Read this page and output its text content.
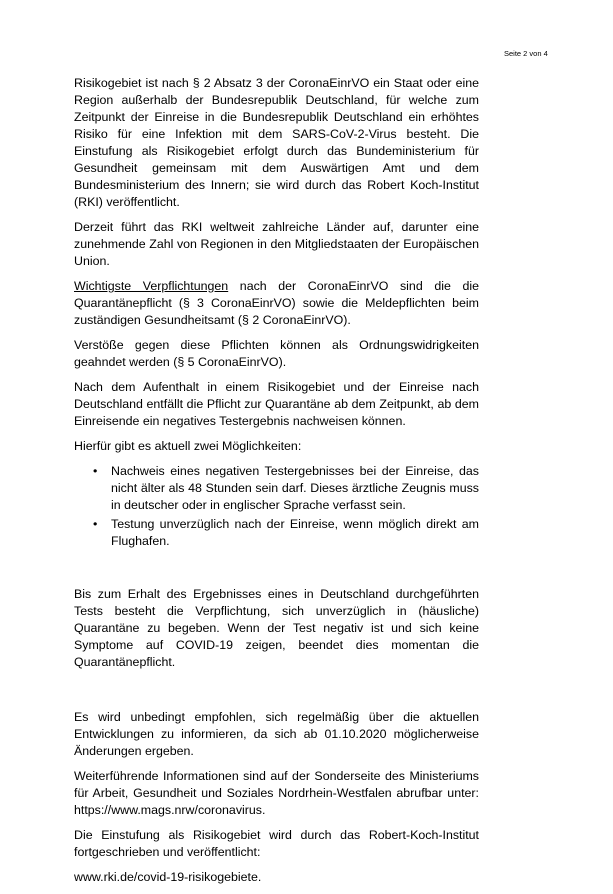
Seite 2 von 4

Risikogebiet ist nach § 2 Absatz 3 der CoronaEinrVO ein Staat oder eine Region außerhalb der Bundesrepublik Deutschland, für welche zum Zeitpunkt der Einreise in die Bundesrepublik Deutschland ein erhöhtes Risiko für eine Infektion mit dem SARS-CoV-2-Virus besteht. Die Einstufung als Risikogebiet erfolgt durch das Bundeministerium für Gesundheit gemeinsam mit dem Auswärtigen Amt und dem Bundesministerium des Innern; sie wird durch das Robert Koch-Institut (RKI) veröffentlicht.

Derzeit führt das RKI weltweit zahlreiche Länder auf, darunter eine zunehmende Zahl von Regionen in den Mitgliedstaaten der Europäischen Union.

Wichtigste Verpflichtungen nach der CoronaEinrVO sind die die Quarantänepflicht (§ 3 CoronaEinrVO) sowie die Meldepflichten beim zuständigen Gesundheitsamt (§ 2 CoronaEinrVO).

Verstöße gegen diese Pflichten können als Ordnungswidrigkeiten geahndet werden (§ 5 CoronaEinrVO).

Nach dem Aufenthalt in einem Risikogebiet und der Einreise nach Deutschland entfällt die Pflicht zur Quarantäne ab dem Zeitpunkt, ab dem Einreisende ein negatives Testergebnis nachweisen können.

Hierfür gibt es aktuell zwei Möglichkeiten:

• Nachweis eines negativen Testergebnisses bei der Einreise, das nicht älter als 48 Stunden sein darf. Dieses ärztliche Zeugnis muss in deutscher oder in englischer Sprache verfasst sein.
• Testung unverzüglich nach der Einreise, wenn möglich direkt am Flughafen.

Bis zum Erhalt des Ergebnisses eines in Deutschland durchgeführten Tests besteht die Verpflichtung, sich unverzüglich in (häusliche) Quarantäne zu begeben. Wenn der Test negativ ist und sich keine Symptome auf COVID-19 zeigen, beendet dies momentan die Quarantänepflicht.

Es wird unbedingt empfohlen, sich regelmäßig über die aktuellen Entwicklungen zu informieren, da sich ab 01.10.2020 möglicherweise Änderungen ergeben.

Weiterführende Informationen sind auf der Sonderseite des Ministeriums für Arbeit, Gesundheit und Soziales Nordrhein-Westfalen abrufbar unter: https://www.mags.nrw/coronavirus.

Die Einstufung als Risikogebiet wird durch das Robert-Koch-Institut fortgeschrieben und veröffentlicht:

www.rki.de/covid-19-risikogebiete.
